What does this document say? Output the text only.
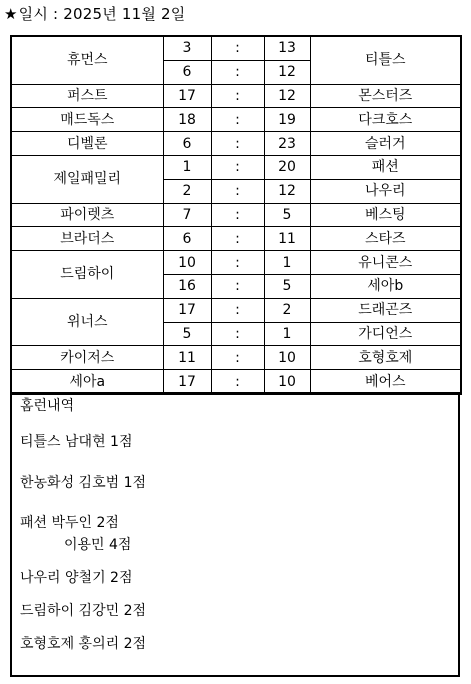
★일시 : 2025년 11월 2일
휴먼스	3	:	13	티틀스
	6	:	12	
퍼스트	17	:	12	몬스터즈
매드독스	18	:	19	다크호스
디벨론	6	:	23	슬러거
제일패밀리	1	:	20	패션
	2	:	12	나우리
파이렛츠	7	:	5	베스팅
브라더스	6	:	11	스타즈
드림하이	10	:	1	유니콘스
	16	:	5	세아b
위너스	17	:	2	드래곤즈
	5	:	1	가디언스
카이저스	11	:	10	호형호제
세아a	17	:	10	베어스
홈런내역
티틀스 남대현 1점
한농화성 김호범 1점
패션 박두인 2점
이용민 4점
나우리 양철기 2점
드림하이 김강민 2점
호형호제 홍의리 2점
